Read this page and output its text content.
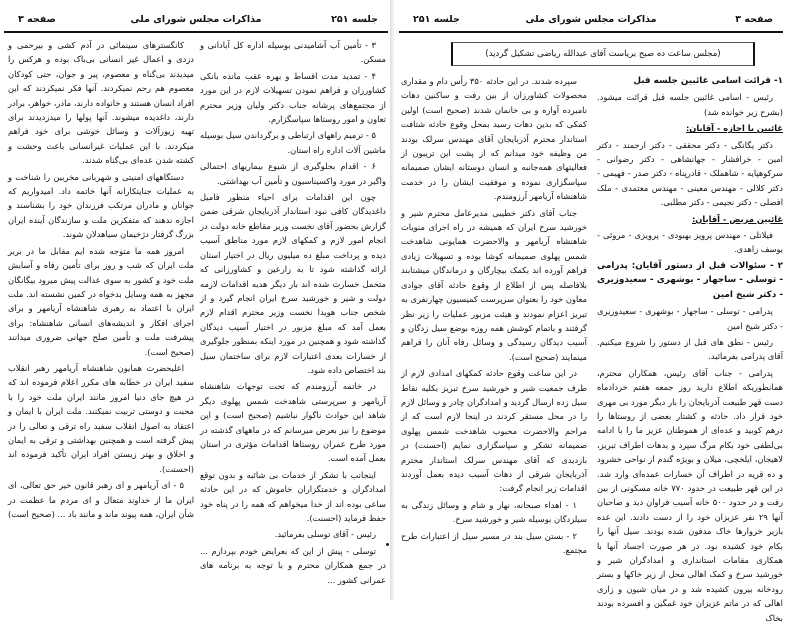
جلسه ۲۵۱
مذاکرات مجلس شورای ملی
صفحه ۳

۳ - تأمین آب آشامیدنی بوسیله اداره کل آبادانی و مسکن.

۴ - تمدید مدت اقساط و بهره عقب مانده بانکی کشاورزان و فراهم نمودن تسهیلات لازم در این مورد از مجتمع‌های پرشانه جناب دکتر ولیان وزیر محترم تعاون و امور روستاها سپاسگزارم.

۵ - ترمیم راههای ارتباطی و برگرداندن سیل بوسیله ماشین آلات اداره راه استان.

۶ - اقدام بجلوگیری از شیوع بیماریهای احتمالی واگیر در مورد واکسیناسیون و تأمین آب بهداشتی.

چون این اقدامات برای احیاء منظور فامیل داغدیدگان کافی نبود استاندار آذربایجان شرقی ضمن گزارش بحضور آقای نخست وزیر مقاطع خانه دولت در انجام امور لازم و کمکهای لازم مورد مناطق آسیب دیده و پرداخت مبلغ ده میلیون ریال در اختیار استان ارائه گذاشته شود تا به زارعین و کشاورزانی که متحمل خسارت شده اند بار دیگر هدیه اقدامات لازمه دولت و شیر و خورشید سرخ ایران انجام گیرد و از شخص جناب هویدا نخست وزیر محترم اقدام لازم بعمل آمد که مبلغ مزبور در اختیار آسیب دیدگان گذاشته شود و همچنین در مورد اینکه بمنظور جلوگیری از خسارات بعدی اعتبارات لازم برای ساختمان سیل بند اختصاص داده شود.

در خاتمه آرزومندم که تحت توجهات شاهنشاه آریامهر و سرپرستی شاهدخت شمس پهلوی دیگر شاهد این حوادث ناگوار نباشیم (صحیح است) و این موضوع را نیز بعرض میرسانم که در ماههای گذشته در مورد طرح عمران روستاها اقدامات مؤثری در استان بعمل آمده است.

اینجانب با تشکر از خدمات بی شائبه و بدون توقع امدادگران و خدمتگزاران خاموش که در این حادثه ساعی بوده اند از خدا میخواهم که همه را در پناه خود حفظ فرماید (احسنت).

رئیس - آقای توسلی بفرمائید.

توسلی - پیش از این که بعرایض خودم بپردازم ... در جمع همکاران محترم و با توجه به برنامه های عمرانی کشور ...

کانگسترهای سینمائی در آدم کشی و بیرحمی و دزدی و اعمال غیر انسانی بی‌باک بوده و هرکس را میدیدند بی‌گناه و معصوم، پیر و جوان، حتی کودکان معصوم هم رحم نمیکردند. آنها فکر نمیکردند که این افراد انسان هستند و خانواده دارند، مادر، خواهر، برادر دارند، داغدیده میشوند. آنها پولها را میدزدیدند برای تهیه زیورآلات و وسائل خوشی برای خود فراهم میکردند. با این عملیات غیرانسانی باعث وحشت و کشته شدن عده‌ای بی‌گناه شدند.

دستگاههای امنیتی و شهربانی مخربین را شناخت و به عملیات جنایتکارانه آنها خاتمه داد. امیدواریم که جوانان و مادران مرتکب فرزندان خود را بشناسند و اجازه ندهند که متفکرین ملت و سازندگان آینده ایران بزرگ گرفتار دژخیمان سیاهدلان شوند.

امروز همه ما متوجه شده ایم مقابل ما در بربر ملت ایران که شب و روز برای تأمین رفاه و آسایش ملت خود و کشور به سوی عدالت پیش میرود بیگانگان مجهز به همه وسایل بدخواه در کمین نشسته اند. ملت ایران با اعتماد به رهبری شاهنشاه آریامهر و برای اجرای افکار و اندیشه‌های انسانی شاهنشاه: برای پیشرفت ملت و تأمین صلح جهانی ضروری میدانند (صحیح است).

اعلیحضرت همایون شاهنشاه آریامهر رهبر انقلاب سفید ایران در خطابه های مکرر اعلام فرموده اند که در هیچ جای دنیا امروز مانند ایران ملت خود را با محبت و دوستی تربیت نمیکنند. ملت ایران با ایمان و اعتقاد به اصول انقلاب سفید راه ترقی و تعالی را در پیش گرفته است و همچنین بهداشتی و ترقی به ایمان و اخلاق و بهتر زیستن افراد ایران تأکید فرموده اند (احسنت).

۵ - ای آریامهر و ای رهبر قانون خیر حق تعالی، ای ایران ما از خداوند متعال و ای مردم ما عظمت در شأن ایران، همه پیوند ماند و مانند باد ... (صحیح است)

صفحه ۳
مذاکرات مجلس شورای ملی
جلسه ۲۵۱
(مجلس ساعت ده صبح بریاست آقای عبدالله ریاضی تشکیل گردید)

۱- قرائت اسامی غائبین جلسه قبل

رئیس - اسامی غائبین جلسه قبل قرائت میشود. (بشرح زیر خوانده شد)

غائبین با اجازه - آقایان:

دکتر یگانگی - دکتر محققی - دکتر ارجمند - دکتر امین - خرافشار - جهانشاهی - دکتر رضوانی - سرکوهپایه - شاهملک - قادرپناه - دکتر صدر - فهیمی - دکتر کلالی - مهندس معینی - مهندس معتمدی - ملک افضلی - دکتر نجیمی - دکتر مطلبی.

غائبین مریض - آقایان:

فیلاتلی - مهندس پرویز بهبودی - پرویزی - مروئی - یوسف زاهدی.

۲ - سئوالات قبل از دستور آقایان: پدرامی - توسلی - ساجهار - بوشهری - سعیدوزیری - دکتر شیخ امین

پدرامی - توسلی - ساجهار - بوشهری - سعیدوزیری - دکتر شیخ امین

رئیس - نطق های قبل از دستور را شروع میکنیم. آقای پدرامی بفرمائید.

پدرامی - جناب آقای رئیس، همکاران محترم، همانطوریکه اطلاع دارید روز جمعه هفتم خردادماه دست قهر طبیعت آذربایجان را بار دیگر مورد بی مهری خود قرار داد. حادثه و کشتار بعضی از روستاها را درهم کوبید و عده‌ای از هموطنان عزیز ما را با ادامه بی‌لطفی خود بکام مرگ سپرد و بدهات اطراف تبریز، لاهیجان، ایلخچی، میلان و بویژه گندم از نواحی خشرود و ده قریه در اطراف آن خسارات عمده‌ای وارد شد. در این قهر طبیعت در حدود ۷۷۰ خانه مسکونی از بین رفت و در حدود ۵۰۰ خانه آسیب فراوان دید و صاحبان آنها ۲۹ نفر عزیزان خود را از دست دادند. این عده بازیر خروارها خاک مدفون شده بودند. سیل آنها را بکام خود کشیده بود. در هر صورت اجساد آنها با همکاری مقامات استانداری و امدادگران شیر و خورشید سرخ و کمک اهالی محل از زیر خاکها و بستر رودخانه بیرون کشیده شد و در میان شیون و زاری اهالی که در ماتم عزیزان خود غمگین و افسرده بودند بخاک

سپرده شدند. در این حادثه ۳۵۰ رأس دام و مقداری محصولات کشاورزان از بین رفت و ساکنین دهات نامبرده آواره و بی خانمان شدند (صحیح است) اولین کمکی که بدین دهات رسید بمحل وقوع حادثه شتافت استاندار محترم آذربایجان آقای مهندس سرلک بودند من وظیفه خود میدانم که از پشت این تریبون از فعالیتهای همه‌جانبه و انسان دوستانه ایشان صمیمانه سپاسگزاری نموده و موفقیت ایشان را در خدمت شاهنشاه آریامهر آرزومندم.

جناب آقای دکتر خطیبی مدیرعامل محترم شیر و خورشید سرخ ایران که همیشه در راه اجرای منویات شاهنشاه آریامهر و والاحضرت همایونی شاهدخت شمس پهلوی صمیمانه کوشا بوده و تسهیلات زیادی فراهم آورده اند بکمک بیچارگان و درماندگان میشتابند بلافاصله پس از اطلاع از وقوع حادثه آقای جوادی معاون خود را بعنوان سرپرست کمیسیون چهارنفری به تبریز اعزام نمودند و هیئت مزبور عملیات را زیر نظر گرفتند و باتمام کوشش همه روزه بوضع سیل زدگان و آسیب دیدگان رسیدگی و وسائل رفاه آنان را فراهم مینمایند (صحیح است).

در این ساعت وقوع حادثه کمکهای امدادی لازم از طرف جمعیت شیر و خورشید سرخ تبریز بکلیه نقاط سیل زده ارسال گردید و امدادگران چادر و وسائل لازم را در محل مستقر کردند در اینجا لازم است که از مراحم والاحضرت محبوب شاهدخت شمس پهلوی صمیمانه تشکر و سپاسگزاری نمایم (احسنت) در بازدیدی که آقای مهندس سرلک استاندار محترم آذربایجان شرقی از دهات آسیب دیده بعمل آوردند اقدامات زیر انجام گرفت:

۱ - اهداء صبحانه، نهار و شام و وسائل زندگی به سیلزدگان بوسیله شیر و خورشید سرخ.

۲ - بستن سیل بند در مسیر سیل از اعتبارات طرح مجتمع.
